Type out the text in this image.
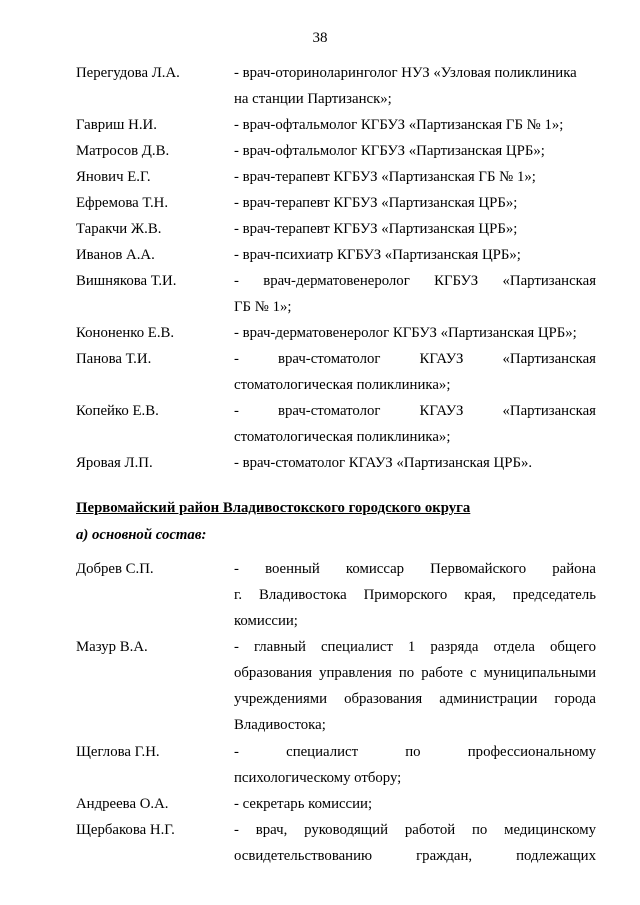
38
Перегудова Л.А.	- врач-оториноларинголог НУЗ «Узловая поликлиника
на станции Партизанск»;
Гавриш Н.И.	- врач-офтальмолог КГБУЗ «Партизанская ГБ № 1»;
Матросов Д.В.	- врач-офтальмолог КГБУЗ «Партизанская ЦРБ»;
Янович Е.Г.	- врач-терапевт КГБУЗ «Партизанская ГБ № 1»;
Ефремова Т.Н.	- врач-терапевт КГБУЗ «Партизанская ЦРБ»;
Таракчи Ж.В.	- врач-терапевт КГБУЗ «Партизанская ЦРБ»;
Иванов А.А.	- врач-психиатр КГБУЗ «Партизанская ЦРБ»;
Вишнякова Т.И.	- врач-дерматовенеролог КГБУЗ «Партизанская
ГБ № 1»;
Кононенко Е.В.	- врач-дерматовенеролог КГБУЗ «Партизанская ЦРБ»;
Панова Т.И.	- врач-стоматолог КГАУЗ «Партизанская
стоматологическая поликлиника»;
Копейко Е.В.	- врач-стоматолог КГАУЗ «Партизанская
стоматологическая поликлиника»;
Яровая Л.П.	- врач-стоматолог КГАУЗ «Партизанская ЦРБ».
Первомайский район Владивостокского городского округа
а) основной состав:
Добрев С.П.	- военный комиссар Первомайского района
г. Владивостока Приморского края, председатель
комиссии;
Мазур В.А.	- главный специалист 1 разряда отдела общего
образования управления по работе с муниципальными
учреждениями образования администрации города
Владивостока;
Щеглова Г.Н.	- специалист по профессиональному
психологическому отбору;
Андреева О.А.	- секретарь комиссии;
Щербакова Н.Г.	- врач, руководящий работой по медицинскому
освидетельствованию граждан, подлежащих
